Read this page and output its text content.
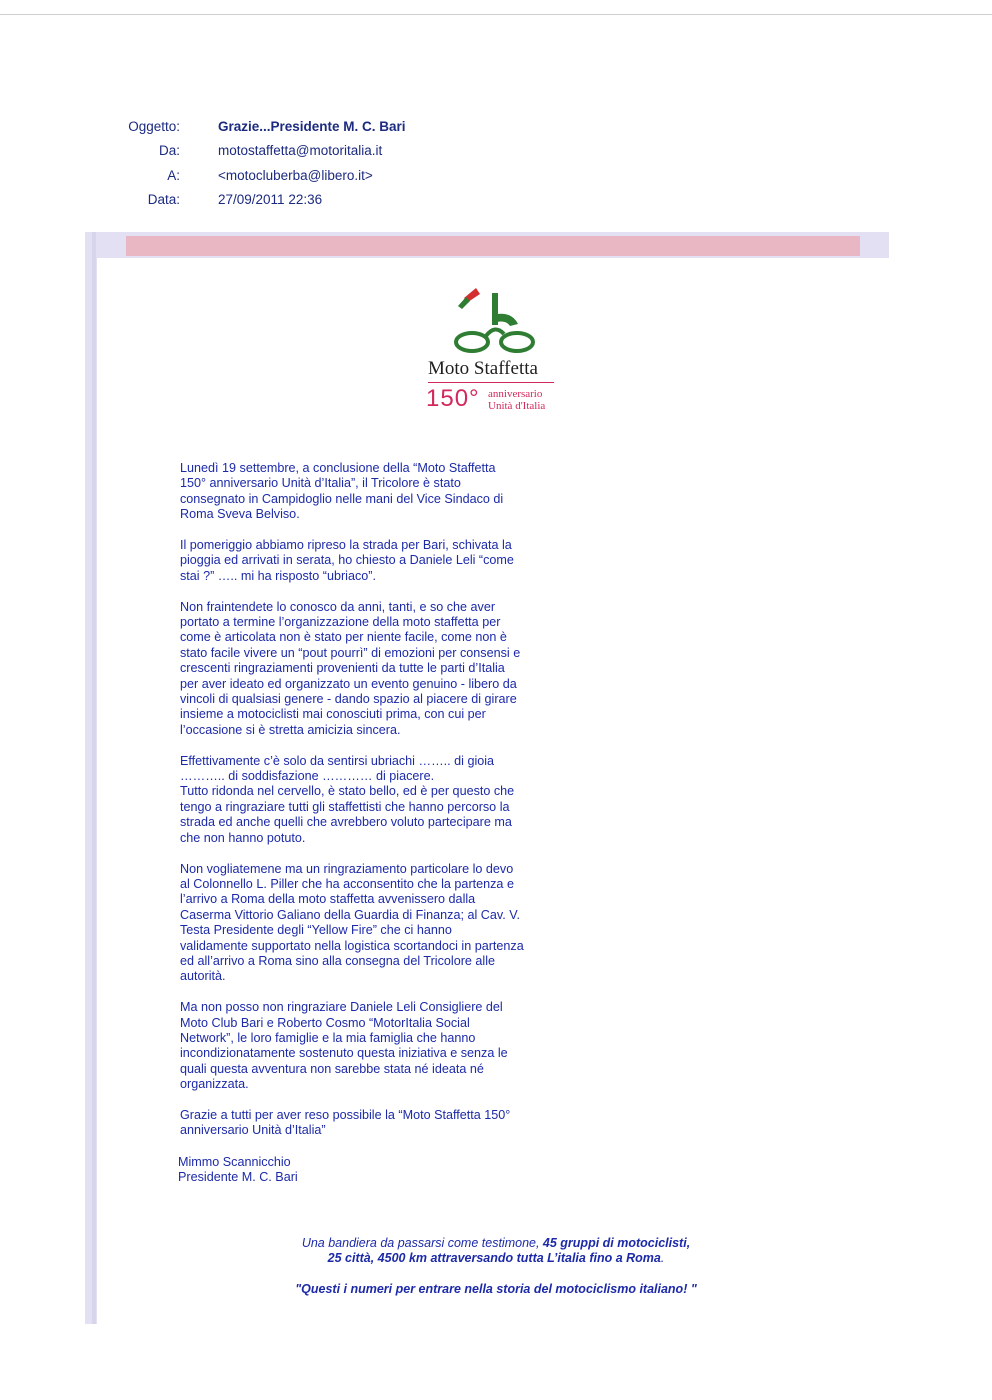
Oggetto:	Grazie...Presidente M. C. Bari
Da:	motostaffetta@motoritalia.it
A:	<motocluberba@libero.it>
Data:	27/09/2011 22:36
Moto Staffetta
150° anniversario
Unità d'Italia

Lunedì 19 settembre, a conclusione della “Moto Staffetta
150° anniversario Unità d’Italia”, il Tricolore è stato
consegnato in Campidoglio nelle mani del Vice Sindaco di
Roma Sveva Belviso.

Il pomeriggio abbiamo ripreso la strada per Bari, schivata la
pioggia ed arrivati in serata, ho chiesto a Daniele Leli “come
stai ?” ….. mi ha risposto “ubriaco”.

Non fraintendete lo conosco da anni, tanti, e so che aver
portato a termine l’organizzazione della moto staffetta per
come è articolata non è stato per niente facile, come non è
stato facile vivere un “pout pourrì” di emozioni per consensi e
crescenti ringraziamenti provenienti da tutte le parti d’Italia
per aver ideato ed organizzato un evento genuino - libero da
vincoli di qualsiasi genere - dando spazio al piacere di girare
insieme a motociclisti mai conosciuti prima, con cui per
l’occasione si è stretta amicizia sincera.

Effettivamente c’è solo da sentirsi ubriachi …….. di gioia
……….. di soddisfazione ………… di piacere.
Tutto ridonda nel cervello, è stato bello, ed è per questo che
tengo a ringraziare tutti gli staffettisti che hanno percorso la
strada ed anche quelli che avrebbero voluto partecipare ma
che non hanno potuto.

Non vogliatemene ma un ringraziamento particolare lo devo
al Colonnello L. Piller che ha acconsentito che la partenza e
l’arrivo a Roma della moto staffetta avvenissero dalla
Caserma Vittorio Galiano della Guardia di Finanza; al Cav. V.
Testa Presidente degli “Yellow Fire” che ci hanno
validamente supportato nella logistica scortandoci in partenza
ed all’arrivo a Roma sino alla consegna del Tricolore alle
autorità.

Ma non posso non ringraziare Daniele Leli Consigliere del
Moto Club Bari e Roberto Cosmo “MotorItalia Social
Network”, le loro famiglie e la mia famiglia che hanno
incondizionatamente sostenuto questa iniziativa e senza le
quali questa avventura non sarebbe stata né ideata né
organizzata.

Grazie a tutti per aver reso possibile la “Moto Staffetta 150°
anniversario Unità d’Italia”

Mimmo Scannicchio
Presidente M. C. Bari
Una bandiera da passarsi come testimone, 45 gruppi di motociclisti,
25 città, 4500 km attraversando tutta L’italia fino a Roma.
"Questi i numeri per entrare nella storia del motociclismo italiano! "
